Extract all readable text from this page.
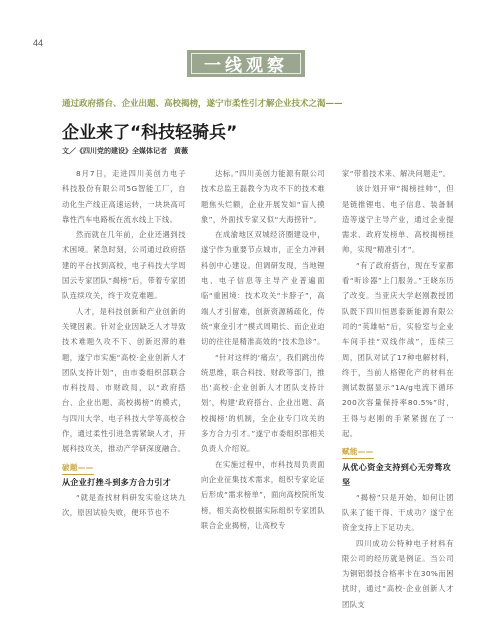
44
一线观察
通过政府搭台、企业出题、高校揭榜，遂宁市柔性引才解企业技术之渴——
企业来了“科技轻骑兵”
文／《四川党的建设》全媒体记者　黄薇

8月7日，走进四川美创力电子科技股份有限公司5G智能工厂，自动化生产线正高速运转，一块块高可靠性汽车电路板在流水线上下线。

然而就在几年前，企业还遇到技术困境。紧急时刻，公司通过政府搭建的平台找到高校，电子科技大学周国云专家团队“揭榜”后，带着专家团队连续攻关，终于攻克难题。

人才，是科技创新和产业创新的关键因素。针对企业因缺乏人才导致技术难题久攻不下、创新迟滞的难题，遂宁市实施“高校·企业创新人才团队支持计划”，由市委组织部联合市科技局、市财政局，以“政府搭台、企业出题、高校揭榜”的模式，与四川大学、电子科技大学等高校合作，通过柔性引进急需紧缺人才，开展科技攻关，推动产学研深度融合。

破题——
从企业打挫斗到多方合力引才

“就是查找材料研发实验这块九次，原因试验失败，便环节也不

达标。”四川美创力能源有限公司技术总监王磊教今为攻不下的技术难题焦头烂额，企业开展发如“盲人摸象”，外面找专家又似“大海捞针”。

在成渝地区双城经济圈建设中，遂宁作为重要节点城市，正全力冲刺科创中心建设。但调研发现，当地锂电、电子信息等主导产业普遍面临“重困境：技术攻关“卡脖子”，高端人才引留难，创新资源稀疏化，传统“柬金引才”模式周期长、而企业迫切的往往是精准高效的“技术急诊”。

“针对这样的‘痛点’，我们跳出传统思维，联合科技、财政等部门，推出‘高校·企业创新人才团队支持计划’，构建‘政府搭台、企业出题、高校揭榜’的机制，全企业专门攻关的多方合力引才。”遂宁市委组织部相关负责人介绍说。

在实施过程中，市科技局负责面向企业征集技术需求，组织专家论证后形成“需求榜单”，面向高校院所发榜，相关高校根据实际组织专家团队联合企业揭榜，让高校专

家“带着技术来、解决问题走”。

该计划开审“揭榜挂帅”，但是链推锂电、电子信息、装备制造等遂宁主导产业，通过企业提需求、政府发榜单、高校揭榜挂帅，实现“精准引才”。

“有了政府搭台，现在专家都看“听诊器”上门服务。”王晓东历了改变。当亚庆大学赵刚教授团队既下四川恒恩泰新能源有限公司的“英雄帖”后，实验室与企业车间手挂“双线作战”，连续三周，团队对试了17种电解材料，终于，当前人格锂化产的材料在测试数据显示“1A/g电流下循环200次容量保持率80.5%”时，王得与赵刚的手紧紧握在了一起。

赋能——
从优心资金支持到心无旁骛攻坚

“揭榜”只是开始，如何让团队来了能干得、干成功？遂宁在资金支持上下足功夫。

四川成功公特种电子材料有限公司的经历就是例证。当公司为铜铝弱技合格率卡在30%而困扰时，通过“高校·企业创新人才团队支
